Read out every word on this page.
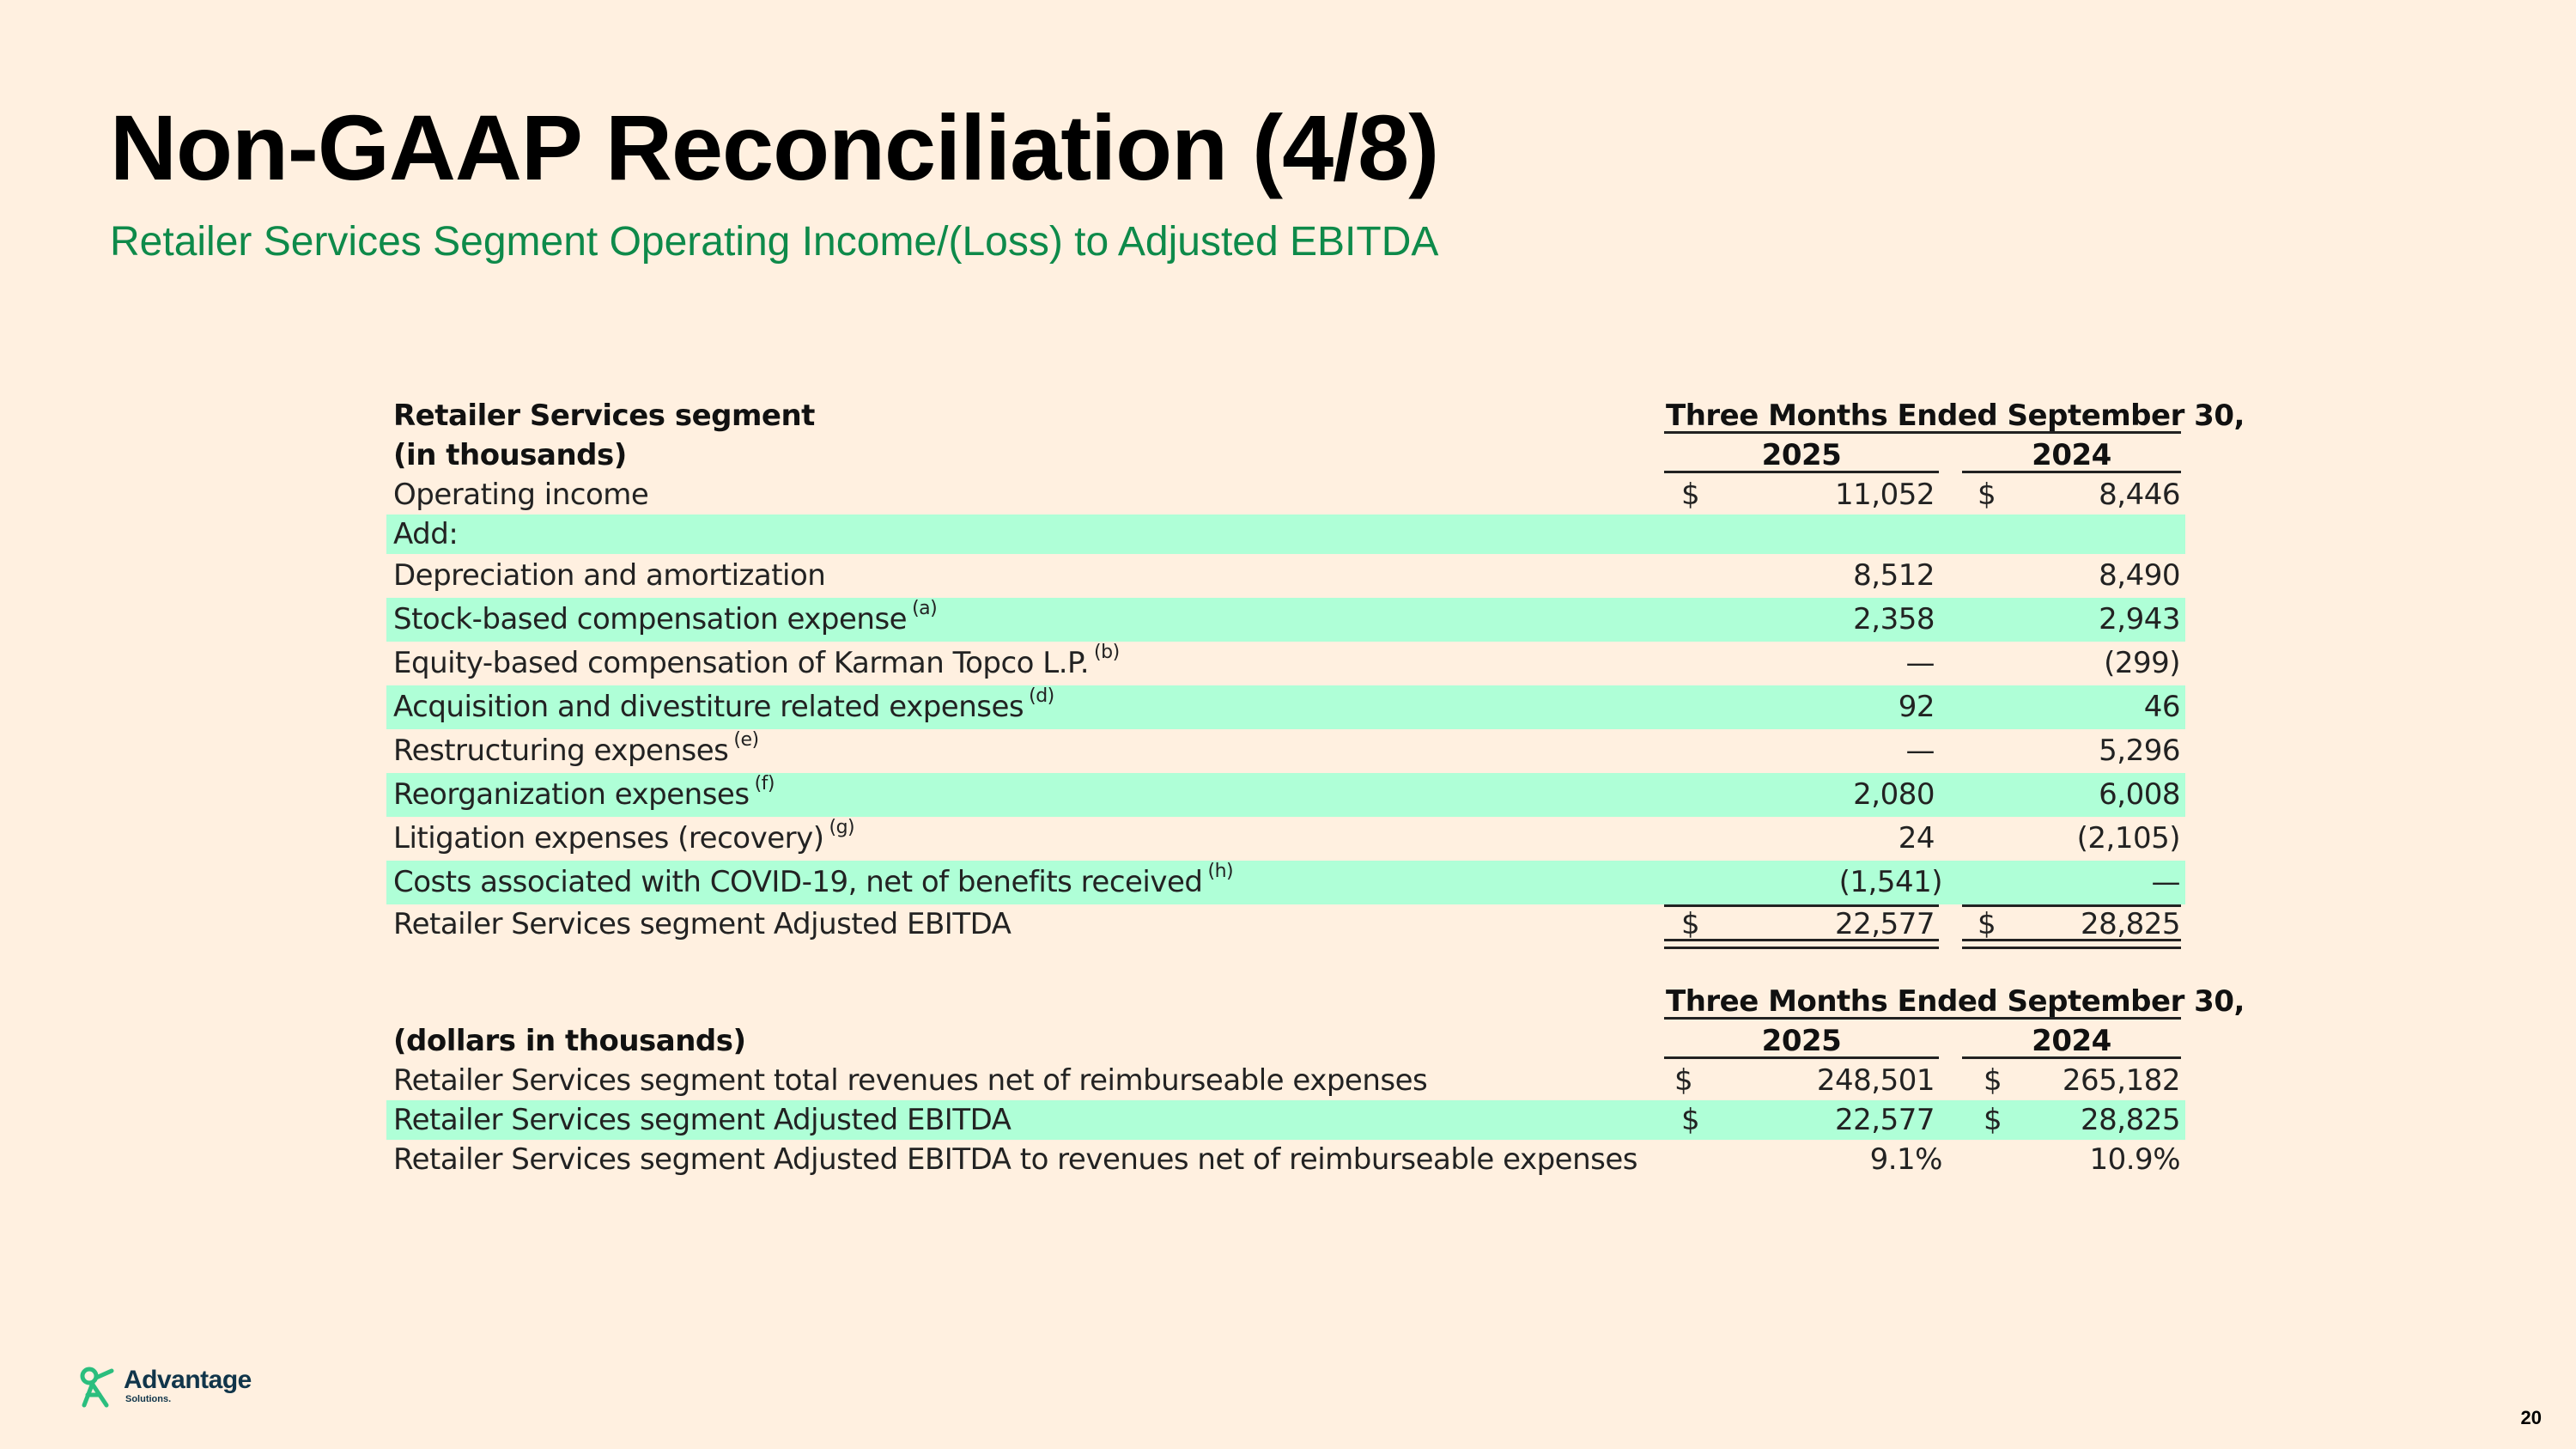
Non-GAAP Reconciliation (4/8)
Retailer Services Segment Operating Income/(Loss) to Adjusted EBITDA
Retailer Services segment	Three Months Ended September 30,
(in thousands)	2025	2024
Operating income	$	11,052 $	8,446
Add:
Depreciation and amortization	8,512	8,490
Stock-based compensation expense $^{(a)}$	2,358	2,943
Equity-based compensation of Karman Topco L.P. $^{(b)}$	—	(299)
Acquisition and divestiture related expenses $^{(d)}$	92	46
Restructuring expenses $^{(e)}$	—	5,296
Reorganization expenses $^{(f)}$	2,080	6,008
Litigation expenses (recovery) $^{(g)}$	24	(2,105)
Costs associated with COVID-19, net of benefits received $^{(h)}$	(1,541)	—
Retailer Services segment Adjusted EBITDA	$	22,577 $	28,825
Three Months Ended September 30,
(dollars in thousands)	2025	2024
Retailer Services segment total revenues net of reimburseable expenses	$	248,501 $ 265,182
Retailer Services segment Adjusted EBITDA	$	22,577 $	28,825
Retailer Services segment Adjusted EBITDA to revenues net of reimburseable expenses	9.1%	10.9%
Advantage
Solutions.
20
